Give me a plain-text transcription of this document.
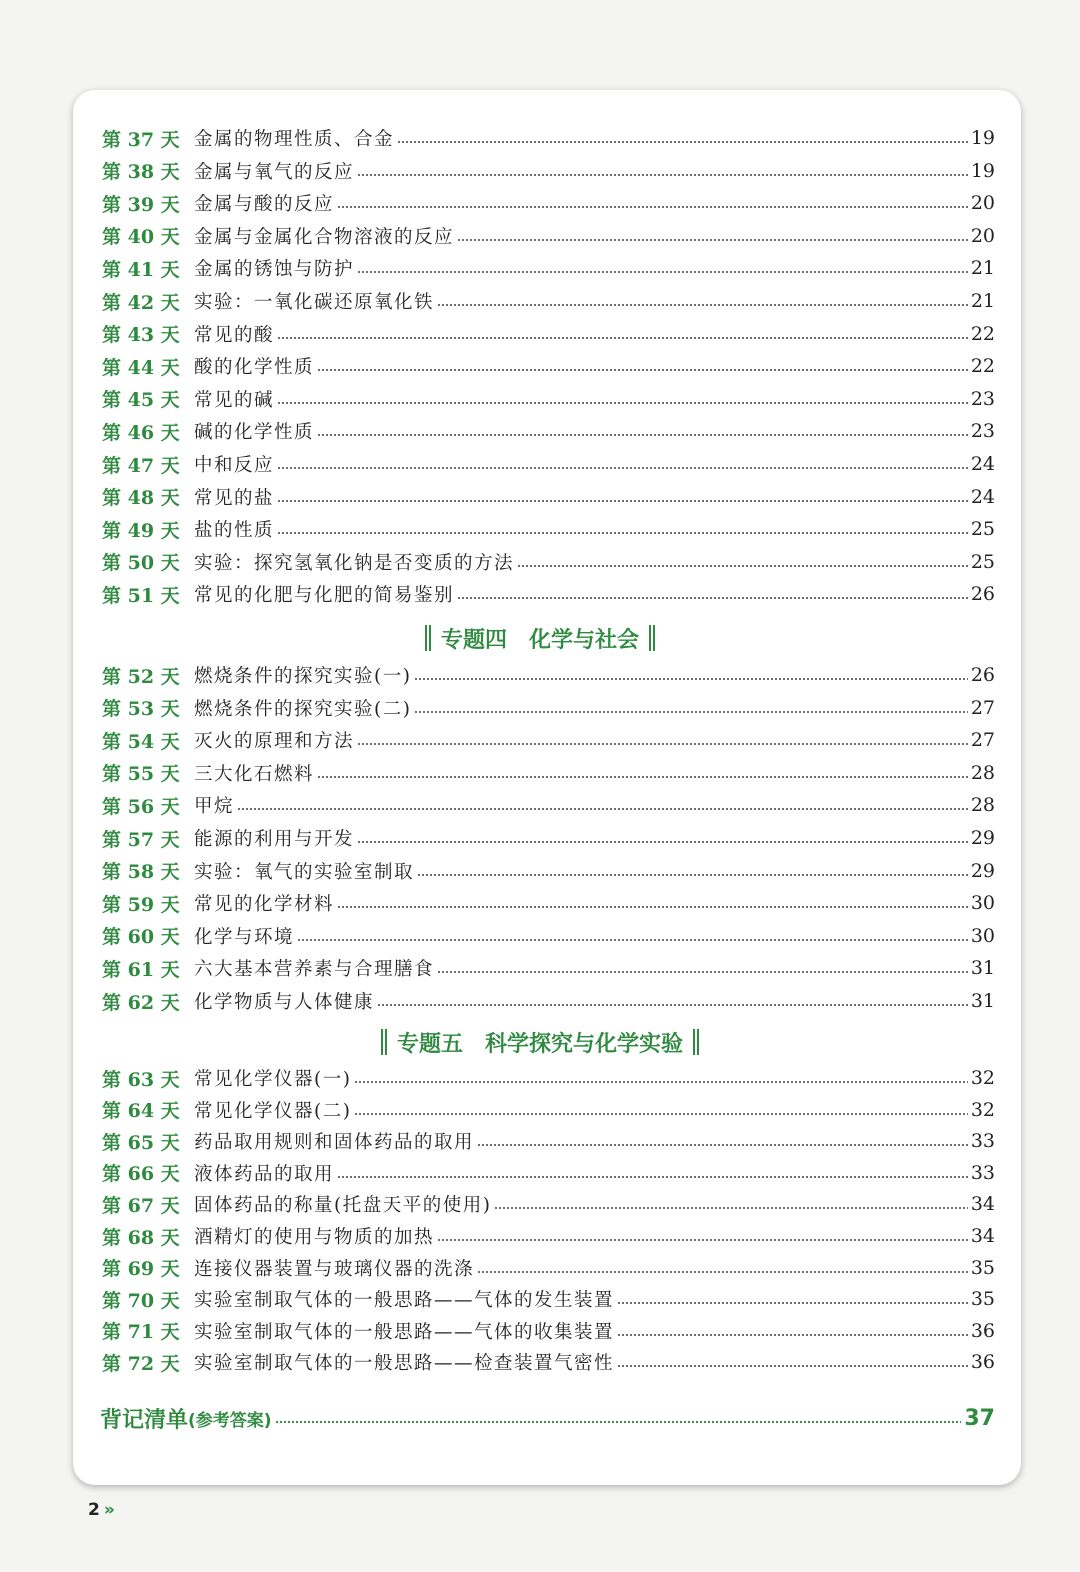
第 37 天 金属的物理性质、合金	19
第 38 天 金属与氧气的反应	19
第 39 天 金属与酸的反应	20
第 40 天 金属与金属化合物溶液的反应	20
第 41 天 金属的锈蚀与防护	21
第 42 天 实验：一氧化碳还原氧化铁	21
第 43 天 常见的酸	22
第 44 天 酸的化学性质	22
第 45 天 常见的碱	23
第 46 天 碱的化学性质	23
第 47 天 中和反应	24
第 48 天 常见的盐	24
第 49 天 盐的性质	25
第 50 天 实验：探究氢氧化钠是否变质的方法	25
第 51 天 常见的化肥与化肥的简易鉴别	26
专题四 化学与社会
第 52 天 燃烧条件的探究实验(一)	26
第 53 天 燃烧条件的探究实验(二)	27
第 54 天 灭火的原理和方法	27
第 55 天 三大化石燃料	28
第 56 天 甲烷	28
第 57 天 能源的利用与开发	29
第 58 天 实验：氧气的实验室制取	29
第 59 天 常见的化学材料	30
第 60 天 化学与环境	30
第 61 天 六大基本营养素与合理膳食	31
第 62 天 化学物质与人体健康	31
专题五 科学探究与化学实验
第 63 天 常见化学仪器(一)	32
第 64 天 常见化学仪器(二)	32
第 65 天 药品取用规则和固体药品的取用	33
第 66 天 液体药品的取用	33
第 67 天 固体药品的称量(托盘天平的使用)	34
第 68 天 酒精灯的使用与物质的加热	34
第 69 天 连接仪器装置与玻璃仪器的洗涤	35
第 70 天 实验室制取气体的一般思路——气体的发生装置	35
第 71 天 实验室制取气体的一般思路——气体的收集装置	36
第 72 天 实验室制取气体的一般思路——检查装置气密性	36
背记清单 (参考答案)	37
2 »
